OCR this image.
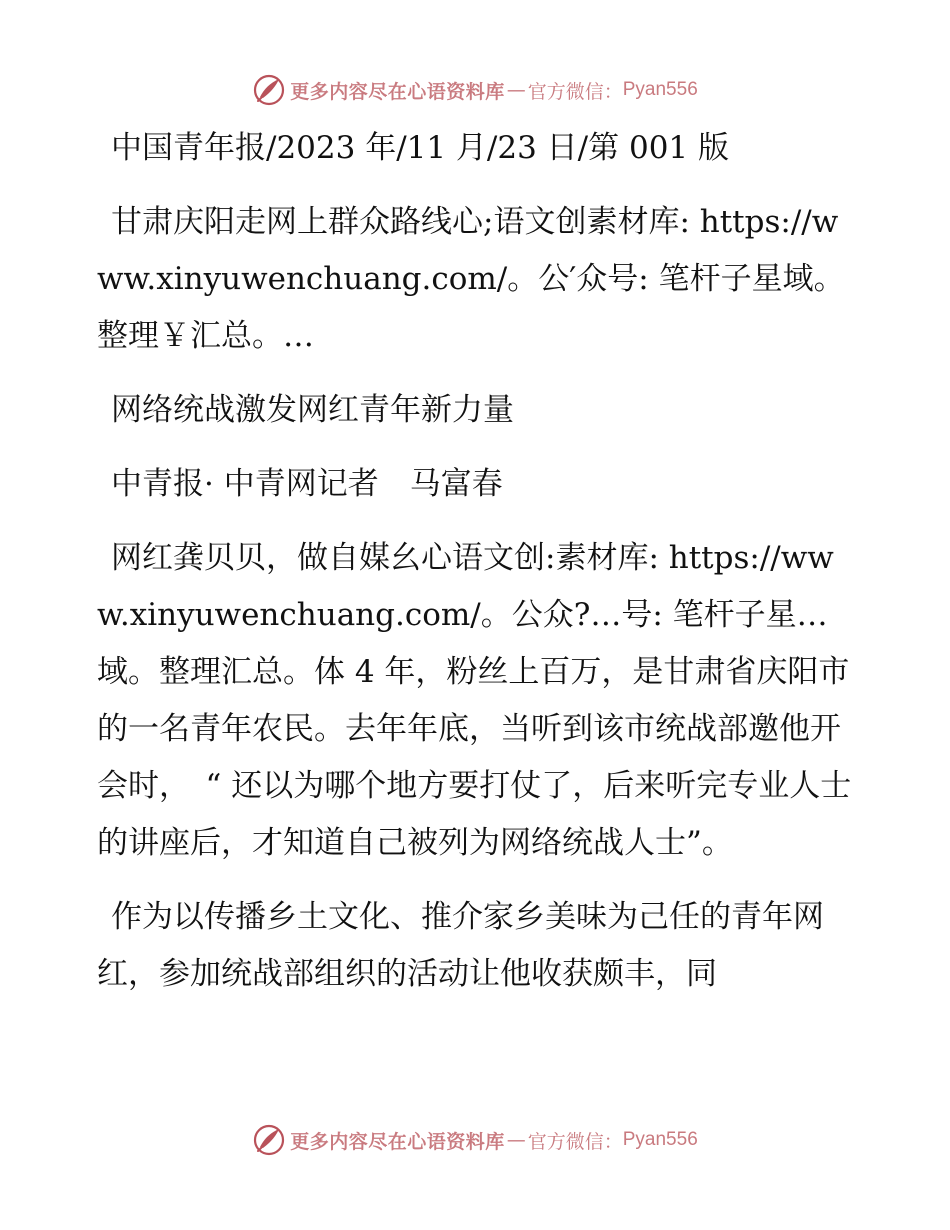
更多内容尽在心语资料库 — 官方微信： Pyan556

中国青年报/2023 年/11 月/23 日/第 001 版

甘肃庆阳走网上群众路线心;语文创素材库: https://www.xinyuwenchuang.com/。公′众号: 笔杆子星域。整理￥汇总。…

网络统战激发网红青年新力量

中青报· 中青网记者　马富春

网红龚贝贝，做自媒⺓心语文创:素材库: https://www.xinyuwenchuang.com/。公众?…号: 笔杆子星…域。整理汇总。体 4 年，粉丝上百万，是甘肃省庆阳市的一名青年农民。去年年底，当听到该市统战部邀他开会时，　“ 还以为哪个地方要打仗了，后来听完专业人士的讲座后，才知道自己被列为网络统战人士”。

作为以传播乡土文化、推介家乡美味为己任的青年网红，参加统战部组织的活动让他收获颇丰，同

更多内容尽在心语资料库 — 官方微信： Pyan556
